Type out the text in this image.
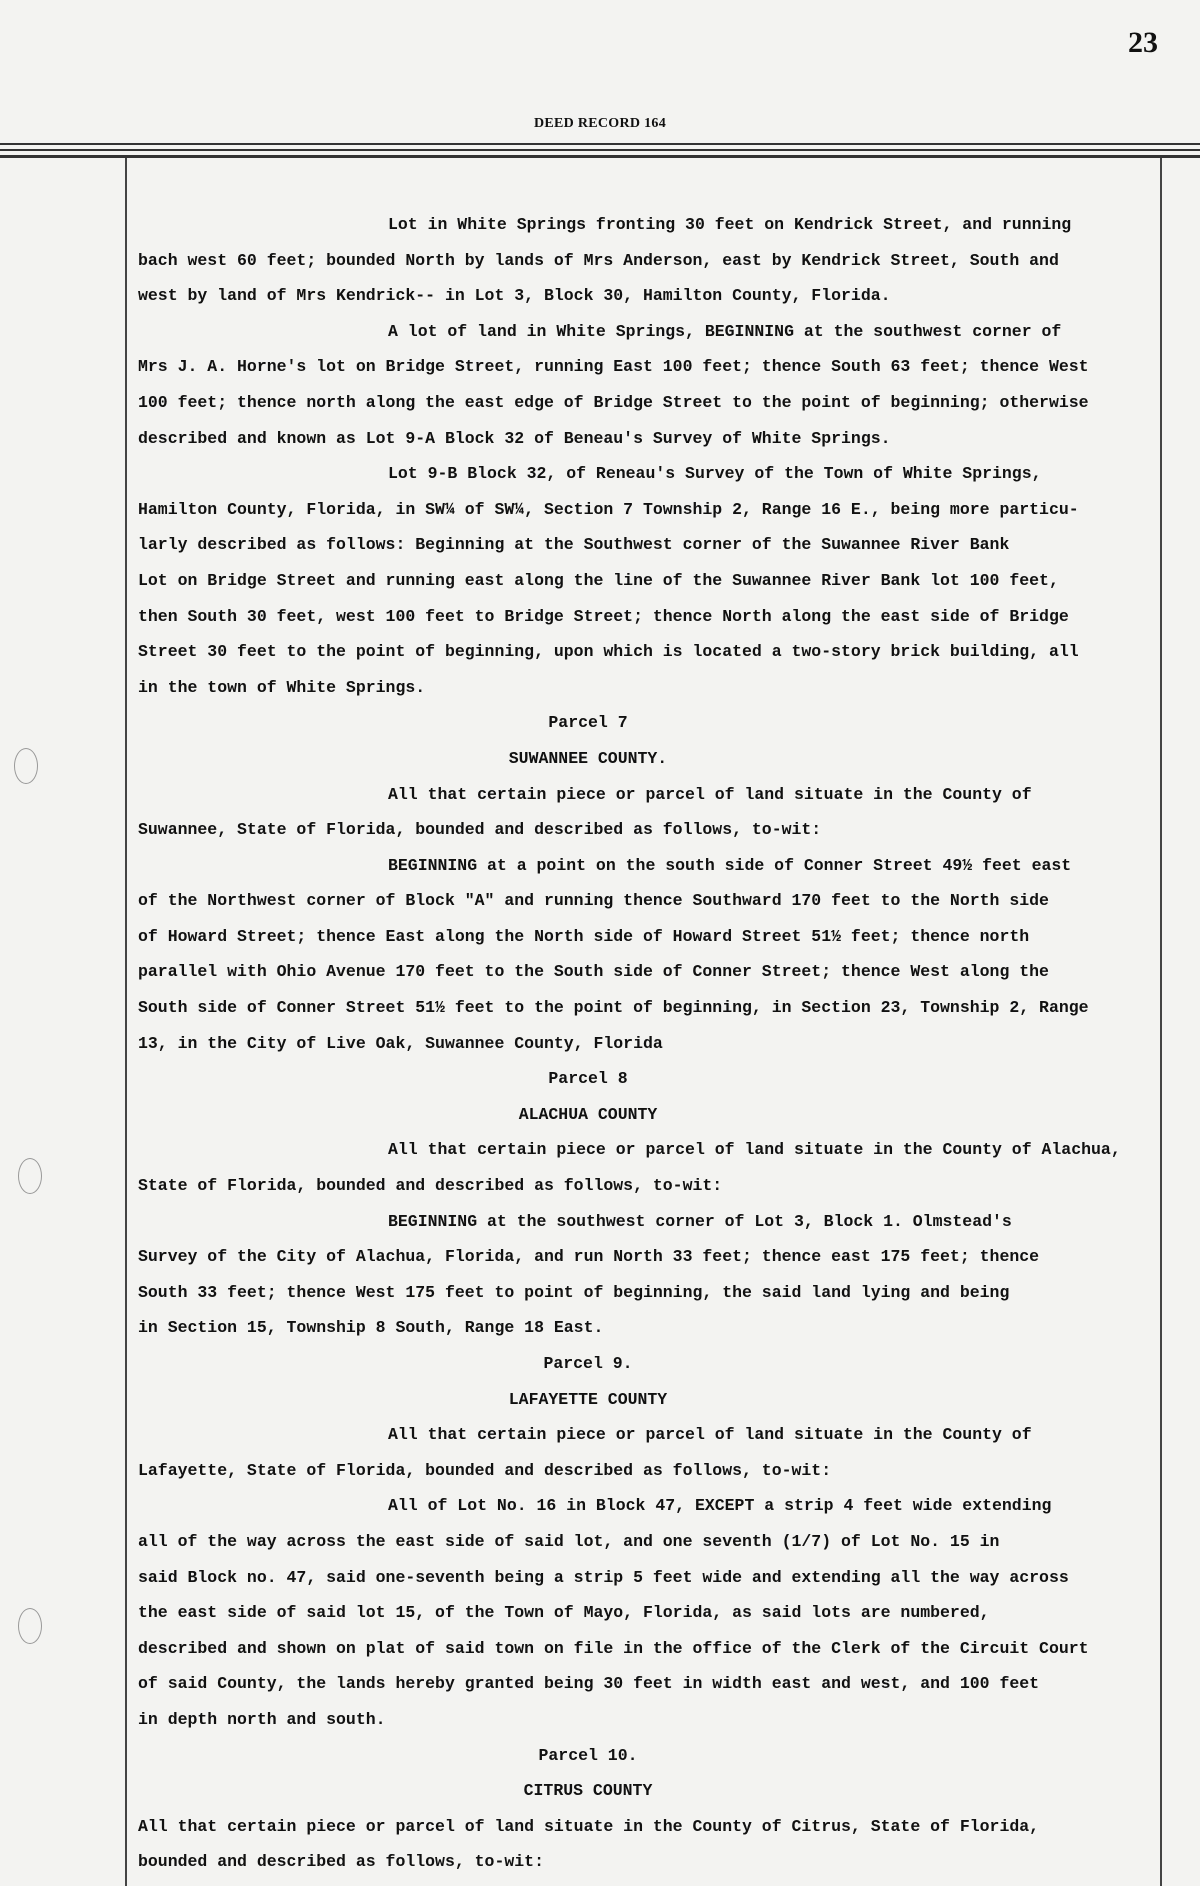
23
DEED RECORD 164
Lot in White Springs fronting 30 feet on Kendrick Street, and running
bach west 60 feet; bounded North by lands of Mrs Anderson, east by Kendrick Street, South and
west by land of Mrs Kendrick-- in Lot 3, Block 30, Hamilton County, Florida.
A lot of land in White Springs, BEGINNING at the southwest corner of
Mrs J. A. Horne's lot on Bridge Street, running East 100 feet; thence South 63 feet; thence West
100 feet; thence north along the east edge of Bridge Street to the point of beginning; otherwise
described and known as Lot 9-A Block 32 of Beneau's Survey of White Springs.
Lot 9-B Block 32, of Reneau's Survey of the Town of White Springs,
Hamilton County, Florida, in SW¼ of SW¼, Section 7 Township 2, Range 16 E., being more particu-
larly described as follows: Beginning at the Southwest corner of the Suwannee River Bank
Lot on Bridge Street and running east along the line of the Suwannee River Bank lot 100 feet,
then South 30 feet, west 100 feet to Bridge Street; thence North along the east side of Bridge
Street 30 feet to the point of beginning, upon which is located a two-story brick building, all
in the town of White Springs.
Parcel 7
SUWANNEE COUNTY.
All that certain piece or parcel of land situate in the County of
Suwannee, State of Florida, bounded and described as follows, to-wit:
BEGINNING at a point on the south side of Conner Street 49½ feet east
of the Northwest corner of Block "A" and running thence Southward 170 feet to the North side
of Howard Street; thence East along the North side of Howard Street 51½ feet; thence north
parallel with Ohio Avenue 170 feet to the South side of Conner Street; thence West along the
South side of Conner Street 51½ feet to the point of beginning, in Section 23, Township 2, Range
13, in the City of Live Oak, Suwannee County, Florida
Parcel 8
ALACHUA COUNTY
All that certain piece or parcel of land situate in the County of Alachua,
State of Florida, bounded and described as follows, to-wit:
BEGINNING at the southwest corner of Lot 3, Block 1. Olmstead's
Survey of the City of Alachua, Florida, and run North 33 feet; thence east 175 feet; thence
South 33 feet; thence West 175 feet to point of beginning, the said land lying and being
in Section 15, Township 8 South, Range 18 East.
Parcel 9.
LAFAYETTE COUNTY
All that certain piece or parcel of land situate in the County of
Lafayette, State of Florida, bounded and described as follows, to-wit:
All of Lot No. 16 in Block 47, EXCEPT a strip 4 feet wide extending
all of the way across the east side of said lot, and one seventh (1/7) of Lot No. 15 in
said Block no. 47, said one-seventh being a strip 5 feet wide and extending all the way across
the east side of said lot 15, of the Town of Mayo, Florida, as said lots are numbered,
described and shown on plat of said town on file in the office of the Clerk of the Circuit Court
of said County, the lands hereby granted being 30 feet in width east and west, and 100 feet
in depth north and south.
Parcel 10.
CITRUS COUNTY
All that certain piece or parcel of land situate in the County of Citrus, State of Florida,
bounded and described as follows, to-wit:
